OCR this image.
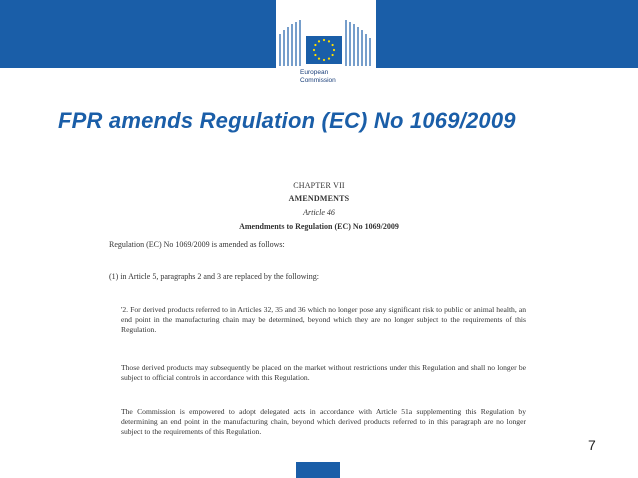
European
Commission
FPR amends Regulation (EC) No 1069/2009
CHAPTER VII
AMENDMENTS
Article 46
Amendments to Regulation (EC) No 1069/2009
Regulation (EC) No 1069/2009 is amended as follows:
(1) in Article 5, paragraphs 2 and 3 are replaced by the following:
'2. For derived products referred to in Articles 32, 35 and 36 which no longer pose any significant risk to public or animal health, an end point in the manufacturing chain may be determined, beyond which they are no longer subject to the requirements of this Regulation.
Those derived products may subsequently be placed on the market without restrictions under this Regulation and shall no longer be subject to official controls in accordance with this Regulation.
The Commission is empowered to adopt delegated acts in accordance with Article 51a supplementing this Regulation by determining an end point in the manufacturing chain, beyond which derived products referred to in this paragraph are no longer subject to the requirements of this Regulation.
7
